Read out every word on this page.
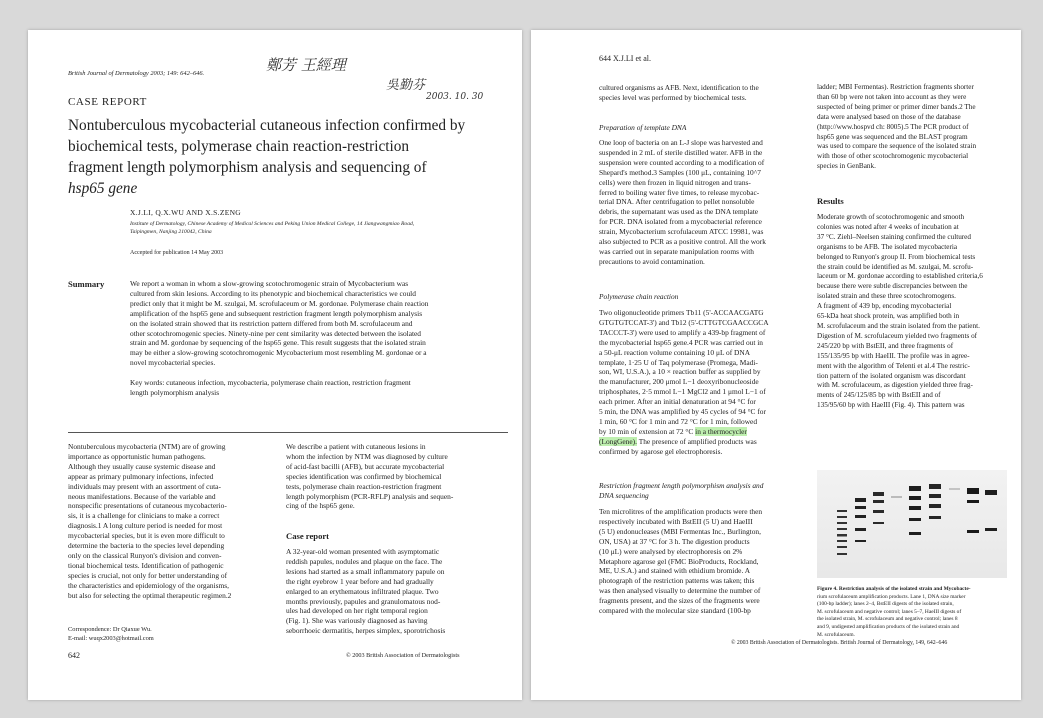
British Journal of Dermatology 2003; 149: 642–646.	鄭芳 王經理
吳勤芬
2003. 10. 30
CASE REPORT
Nontuberculous mycobacterial cutaneous infection confirmed by
biochemical tests, polymerase chain reaction-restriction
fragment length polymorphism analysis and sequencing of
hsp65 gene
X.J.LI, Q.X.WU AND X.S.ZENG
Institute of Dermatology, Chinese Academy of Medical Sciences and Peking Union Medical College, 14 Jiangwangmiao Road,
Taipingmen, Nanjing 210042, China
Accepted for publication 14 May 2003
Summary	We report a woman in whom a slow-growing scotochromogenic strain of Mycobacterium was
cultured from skin lesions. According to its phenotypic and biochemical characteristics we could
predict only that it might be M. szulgai, M. scrofulaceum or M. gordonae. Polymerase chain reaction
amplification of the hsp65 gene and subsequent restriction fragment length polymorphism analysis
on the isolated strain showed that its restriction pattern differed from both M. scrofulaceum and
other scotochromogenic species. Ninety-nine per cent similarity was detected between the isolated
strain and M. gordonae by sequencing of the hsp65 gene. This result suggests that the isolated strain
may be either a slow-growing scotochromogenic Mycobacterium most resembling M. gordonae or a
novel mycobacterial species.
Key words: cutaneous infection, mycobacteria, polymerase chain reaction, restriction fragment
length polymorphism analysis
Nontuberculous mycobacteria (NTM) are of growing
importance as opportunistic human pathogens.
Although they usually cause systemic disease and
appear as primary pulmonary infections, infected
individuals may present with an assortment of cuta-
neous manifestations. Because of the variable and
nonspecific presentations of cutaneous mycobacterio-
sis, it is a challenge for clinicians to make a correct
diagnosis.1 A long culture period is needed for most
mycobacterial species, but it is even more difficult to
determine the bacteria to the species level depending
only on the classical Runyon's division and conven-
tional biochemical tests. Identification of pathogenic
species is crucial, not only for better understanding of
the characteristics and epidemiology of the organisms,
but also for selecting the optimal therapeutic regimen.2
We describe a patient with cutaneous lesions in
whom the infection by NTM was diagnosed by culture
of acid-fast bacilli (AFB), but accurate mycobacterial
species identification was confirmed by biochemical
tests, polymerase chain reaction-restriction fragment
length polymorphism (PCR-RFLP) analysis and sequen-
cing of the hsp65 gene.
Case report
A 32-year-old woman presented with asymptomatic
reddish papules, nodules and plaque on the face. The
lesions had started as a small inflammatory papule on
the right eyebrow 1 year before and had gradually
enlarged to an erythematous infiltrated plaque. Two
months previously, papules and granulomatous nod-
ules had developed on her right temporal region
(Fig. 1). She was variously diagnosed as having
seborrhoeic dermatitis, herpes simplex, sporotrichosis
Correspondence: Dr Qiaxue Wu.
E-mail: wuqx2003@hotmail.com
642	© 2003 British Association of Dermatologists
644 X.J.LI et al.
cultured organisms as AFB. Next, identification to the
species level was performed by biochemical tests.
Preparation of template DNA
One loop of bacteria on an L-J slope was harvested and
suspended in 2 mL of sterile distilled water. AFB in the
suspension were counted according to a modification of
Shepard's method.3 Samples (100 μL, containing 10^7
cells) were then frozen in liquid nitrogen and trans-
ferred to boiling water five times, to release mycobac-
terial DNA. After centrifugation to pellet nonsoluble
debris, the supernatant was used as the DNA template
for PCR. DNA isolated from a mycobacterial reference
strain, Mycobacterium scrofulaceum ATCC 19981, was
also subjected to PCR as a positive control. All the work
was carried out in separate manipulation rooms with
precautions to avoid contamination.
Polymerase chain reaction
Two oligonucleotide primers Tb11 (5'-ACCAACGATG
GTGTGTCCAT-3') and Tb12 (5'-CTTGTCGAACCGCA
TACCCT-3') were used to amplify a 439-bp fragment of
the mycobacterial hsp65 gene.4 PCR was carried out in
a 50-μL reaction volume containing 10 μL of DNA
template, 1·25 U of Taq polymerase (Promega, Madi-
son, WI, U.S.A.), a 10 × reaction buffer as supplied by
the manufacturer, 200 μmol L−1 deoxyribonucleoside
triphosphates, 2·5 mmol L−1 MgCl2 and 1 μmol L−1 of
each primer. After an initial denaturation at 94 °C for
5 min, the DNA was amplified by 45 cycles of 94 °C for
1 min, 60 °C for 1 min and 72 °C for 1 min, followed
by 10 min of extension at 72 °C in a thermocycler
(LongGene). The presence of amplified products was
confirmed by agarose gel electrophoresis.
Restriction fragment length polymorphism analysis and
DNA sequencing
Ten microlitres of the amplification products were then
respectively incubated with BstEII (5 U) and HaeIII
(5 U) endonucleases (MBI Fermentas Inc., Burlington,
ON, USA) at 37 °C for 3 h. The digestion products
(10 μL) were analysed by electrophoresis on 2%
Metaphore agarose gel (FMC BioProducts, Rockland,
ME, U.S.A.) and stained with ethidium bromide. A
photograph of the restriction patterns was taken; this
was then analysed visually to determine the number of
fragments present, and the sizes of the fragments were
compared with the molecular size standard (100-bp
ladder; MBI Fermentas). Restriction fragments shorter
than 60 bp were not taken into account as they were
suspected of being primer or primer dimer bands.2 The
data were analysed based on those of the database
(http://www.hospvd ch: 8005).5 The PCR product of
hsp65 gene was sequenced and the BLAST program
was used to compare the sequence of the isolated strain
with those of other scotochromogenic mycobacterial
species in GenBank.
Results
Moderate growth of scotochromogenic and smooth
colonies was noted after 4 weeks of incubation at
37 °C. Ziehl–Neelsen staining confirmed the cultured
organisms to be AFB. The isolated mycobacteria
belonged to Runyon's group II. From biochemical tests
the strain could be identified as M. szulgai, M. scrofu-
laceum or M. gordonae according to established criteria,6
because there were subtle discrepancies between the
isolated strain and these three scotochromogens.
A fragment of 439 bp, encoding mycobacterial
65-kDa heat shock protein, was amplified both in
M. scrofulaceum and the strain isolated from the patient.
Digestion of M. scrofulaceum yielded two fragments of
245/220 bp with BstEII, and three fragments of
155/135/95 bp with HaeIII. The profile was in agree-
ment with the algorithm of Telenti et al.4 The restric-
tion pattern of the isolated organism was discordant
with M. scrofulaceum, as digestion yielded three frag-
ments of 245/125/85 bp with BstEII and of
135/95/60 bp with HaeIII (Fig. 4). This pattern was
Figure 4. Restriction analysis of the isolated strain and Mycobacte-
rium scrofulaceum amplification products. Lane 1, DNA size marker
(100-bp ladder); lanes 2–4, BstEII digests of the isolated strain,
M. scrofulaceum and negative control; lanes 5–7, HaeIII digests of
the isolated strain, M. scrofulaceum and negative control; lanes 8
and 9, undigested amplification products of the isolated strain and
M. scrofulaceum.
© 2003 British Association of Dermatologists. British Journal of Dermatology, 149, 642–646
